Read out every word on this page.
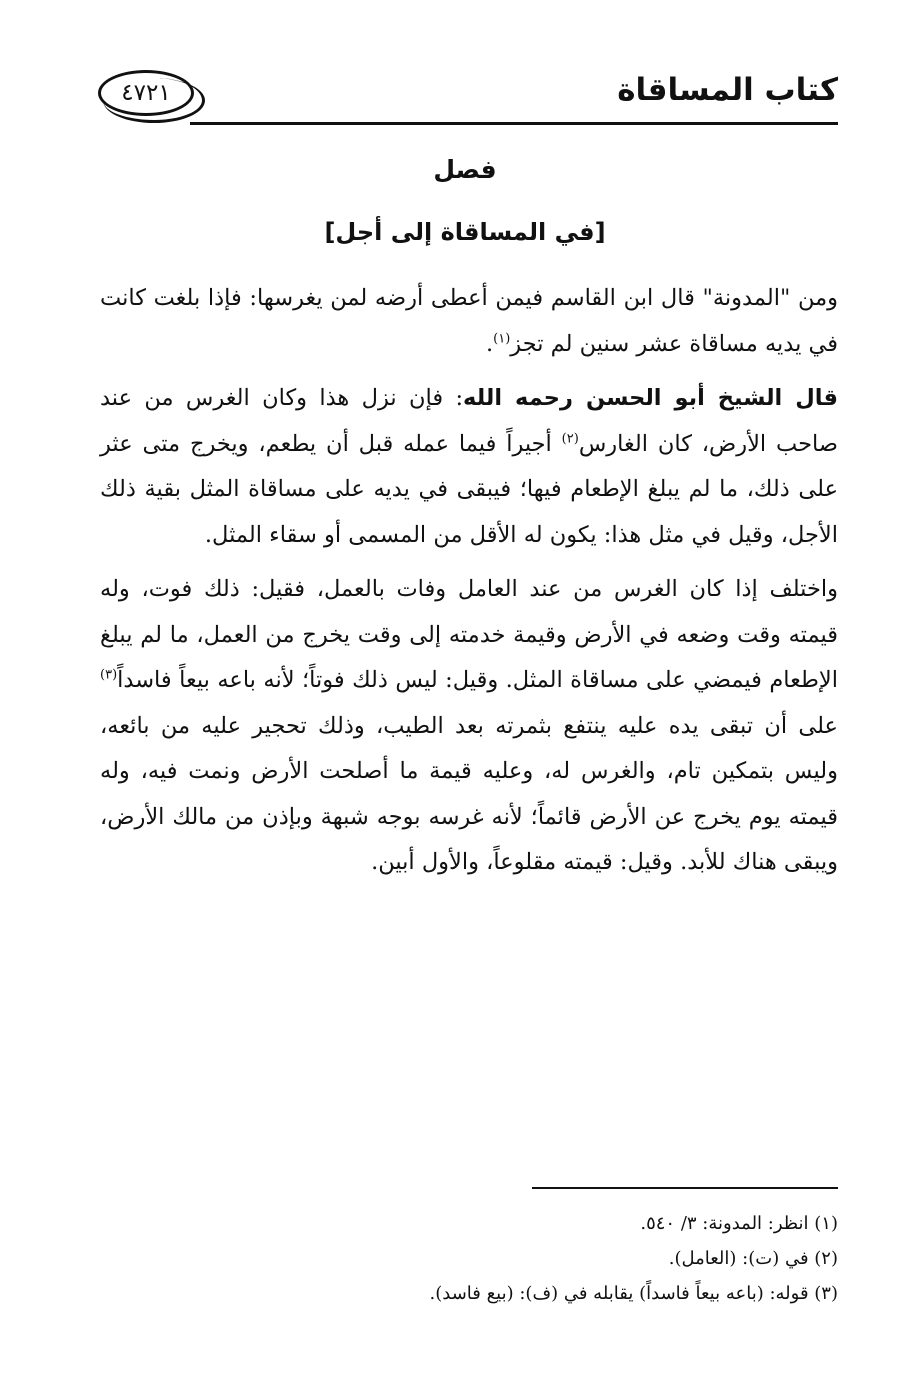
كتاب المساقاة
٤٧٢١
فصل
[في المساقاة إلى أجل]

ومن "المدونة" قال ابن القاسم فيمن أعطى أرضه لمن يغرسها: فإذا بلغت كانت في يديه مساقاة عشر سنين لم تجز$^{(١)}$.

قال الشيخ أبو الحسن رحمه الله: فإن نزل هذا وكان الغرس من عند صاحب الأرض، كان الغارس$^{(٢)}$ أجيراً فيما عمله قبل أن يطعم، ويخرج متى عثر على ذلك، ما لم يبلغ الإطعام فيها؛ فيبقى في يديه على مساقاة المثل بقية ذلك الأجل، وقيل في مثل هذا: يكون له الأقل من المسمى أو سقاء المثل.

واختلف إذا كان الغرس من عند العامل وفات بالعمل، فقيل: ذلك فوت، وله قيمته وقت وضعه في الأرض وقيمة خدمته إلى وقت يخرج من العمل، ما لم يبلغ الإطعام فيمضي على مساقاة المثل. وقيل: ليس ذلك فوتاً؛ لأنه باعه بيعاً فاسداً$^{(٣)}$ على أن تبقى يده عليه ينتفع بثمرته بعد الطيب، وذلك تحجير عليه من بائعه، وليس بتمكين تام، والغرس له، وعليه قيمة ما أصلحت الأرض ونمت فيه، وله قيمته يوم يخرج عن الأرض قائماً؛ لأنه غرسه بوجه شبهة وبإذن من مالك الأرض، ويبقى هناك للأبد. وقيل: قيمته مقلوعاً، والأول أبين.

(١) انظر: المدونة: ٣/ ٥٤٠.

(٢) في (ت): (العامل).

(٣) قوله: (باعه بيعاً فاسداً) يقابله في (ف): (بيع فاسد).
